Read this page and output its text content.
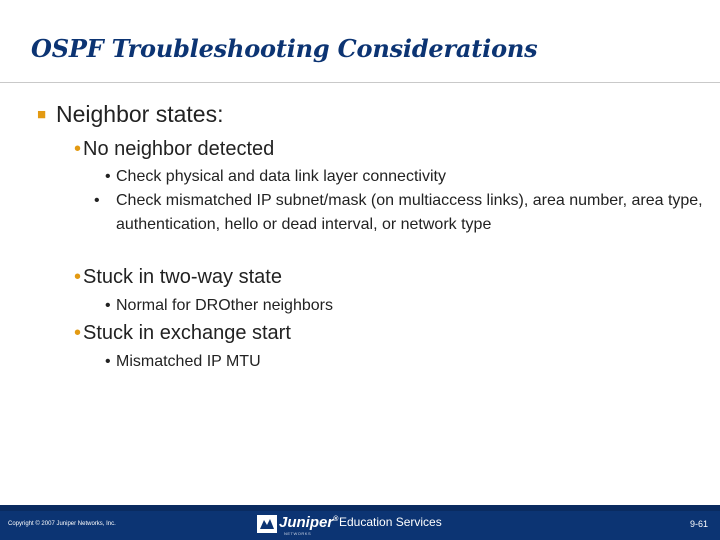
OSPF Troubleshooting Considerations
■ Neighbor states:
•No neighbor detected
• Check physical and data link layer connectivity
• Check mismatched IP subnet/mask (on multiaccess links), area number, area type, authentication, hello or dead interval, or network type
•Stuck in two-way state
• Normal for DROther neighbors
•Stuck in exchange start
• Mismatched IP MTU
Copyright © 2007 Juniper Networks, Inc.	Juniper®
NETWORKS
Education Services	9-61
